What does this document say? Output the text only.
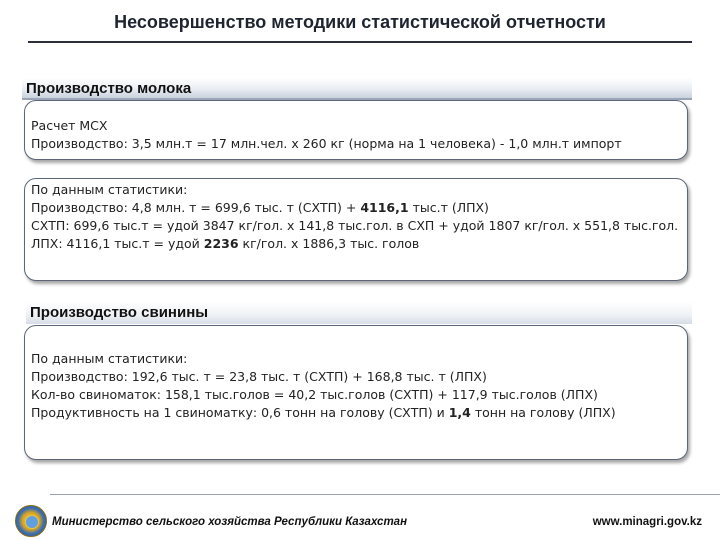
Несовершенство методики статистической отчетности
Производство молока
Расчет МСХ
Производство: 3,5 млн.т = 17 млн.чел. х 260 кг (норма на 1 человека) - 1,0 млн.т импорт
По данным статистики:
Производство: 4,8 млн. т = 699,6 тыс. т (СХТП) + 4116,1 тыс.т (ЛПХ)
СХТП: 699,6 тыс.т = удой 3847 кг/гол. х 141,8 тыс.гол. в СХП + удой 1807 кг/гол. х 551,8 тыс.гол.
ЛПХ: 4116,1 тыс.т = удой 2236 кг/гол. х 1886,3 тыс. голов
Производство свинины
По данным статистики:
Производство: 192,6 тыс. т = 23,8 тыс. т (СХТП) + 168,8 тыс. т (ЛПХ)
Кол-во свиноматок: 158,1 тыс.голов = 40,2 тыс.голов (СХТП) + 117,9 тыс.голов (ЛПХ)
Продуктивность на 1 свиноматку: 0,6 тонн на голову (СХТП) и 1,4 тонн на голову (ЛПХ)
Министерство сельского хозяйства Республики Казахстан	www.minagri.gov.kz
